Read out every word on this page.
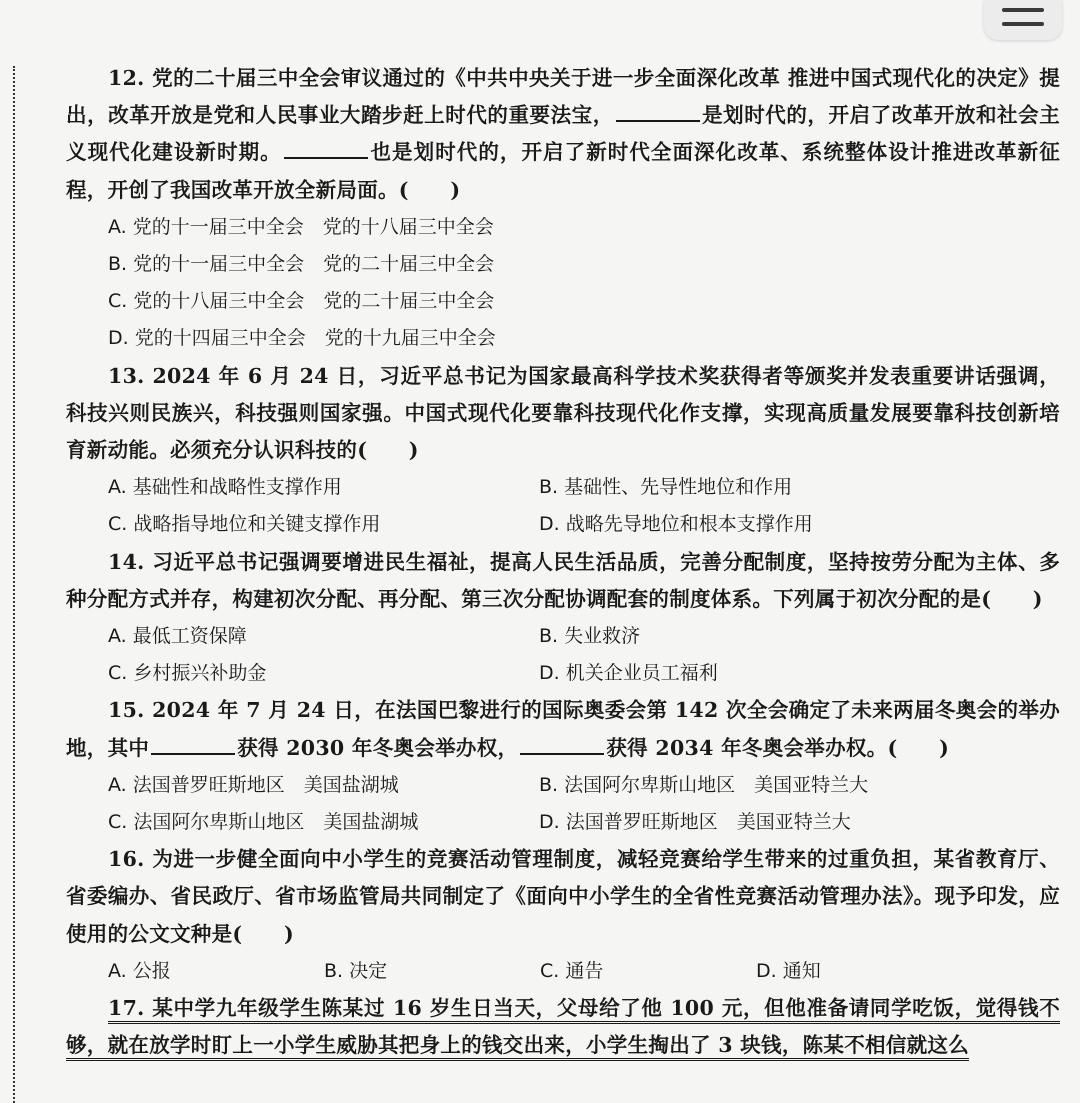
12. 党的二十届三中全会审议通过的《中共中央关于进一步全面深化改革 推进中国式现代化的决定》提出，改革开放是党和人民事业大踏步赶上时代的重要法宝，	是划时代的，开启了改革开放和社会主义现代化建设新时期。	也是划时代的，开启了新时代全面深化改革、系统整体设计推进改革新征程，开创了我国改革开放全新局面。(　　)

A. 党的十一届三中全会　党的十八届三中全会

B. 党的十一届三中全会　党的二十届三中全会

C. 党的十八届三中全会　党的二十届三中全会

D. 党的十四届三中全会　党的十九届三中全会

13. 2024 年 6 月 24 日，习近平总书记为国家最高科学技术奖获得者等颁奖并发表重要讲话强调，科技兴则民族兴，科技强则国家强。中国式现代化要靠科技现代化作支撑，实现高质量发展要靠科技创新培育新动能。必须充分认识科技的(　　)

A. 基础性和战略性支撑作用	B. 基础性、先导性地位和作用
C. 战略指导地位和关键支撑作用	D. 战略先导地位和根本支撑作用

14. 习近平总书记强调要增进民生福祉，提高人民生活品质，完善分配制度，坚持按劳分配为主体、多种分配方式并存，构建初次分配、再分配、第三次分配协调配套的制度体系。下列属于初次分配的是(　　)

A. 最低工资保障	B. 失业救济
C. 乡村振兴补助金	D. 机关企业员工福利

15. 2024 年 7 月 24 日，在法国巴黎进行的国际奥委会第 142 次全会确定了未来两届冬奥会的举办地，其中	获得 2030 年冬奥会举办权，	获得 2034 年冬奥会举办权。(　　)

A. 法国普罗旺斯地区　美国盐湖城	B. 法国阿尔卑斯山地区　美国亚特兰大
C. 法国阿尔卑斯山地区　美国盐湖城	D. 法国普罗旺斯地区　美国亚特兰大

16. 为进一步健全面向中小学生的竞赛活动管理制度，减轻竞赛给学生带来的过重负担，某省教育厅、省委编办、省民政厅、省市场监管局共同制定了《面向中小学生的全省性竞赛活动管理办法》。现予印发，应使用的公文文种是(　　)

A. 公报	B. 决定	C. 通告	D. 通知

17. 某中学九年级学生陈某过 16 岁生日当天，父母给了他 100 元，但他准备请同学吃饭，觉得钱不够，就在放学时盯上一小学生威胁其把身上的钱交出来，小学生掏出了 3 块钱，陈某不相信就这么
